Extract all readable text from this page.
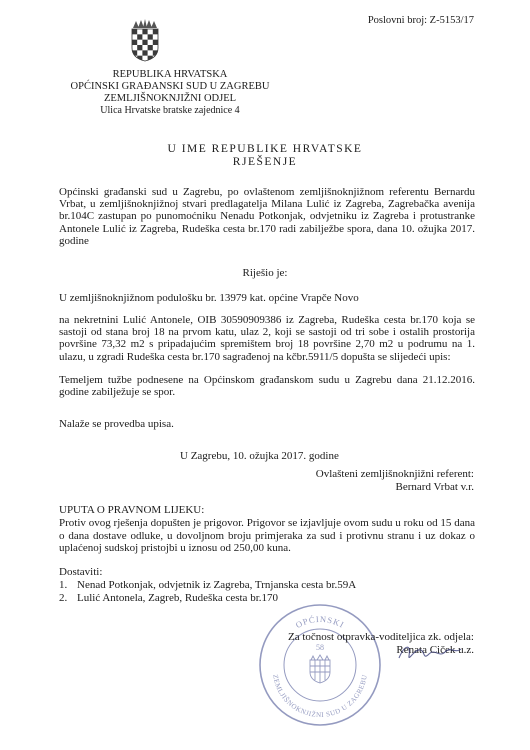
Poslovni broj: Z-5153/17
REPUBLIKA HRVATSKA
OPĆINSKI GRAĐANSKI SUD U ZAGREBU
ZEMLJIŠNOKNJIŽNI ODJEL
Ulica Hrvatske bratske zajednice 4
U IME REPUBLIKE HRVATSKE
RJEŠENJE
Općinski građanski sud u Zagrebu, po ovlaštenom zemljišnoknjižnom referentu Bernardu Vrbat, u zemljišnoknjižnoj stvari predlagatelja Milana Lulić iz Zagreba, Zagrebačka avenija br.104C zastupan po punomoćniku Nenadu Potkonjak, odvjetniku iz Zagreba i protustranke Antonele Lulić iz Zagreba, Rudeška cesta br.170 radi zabilježbe spora, dana 10. ožujka 2017. godine
Riješio je:
U zemljišnoknjižnom podulošku br. 13979 kat. općine Vrapče Novo
na nekretnini Lulić Antonele, OIB 30590909386 iz Zagreba, Rudeška cesta br.170 koja se sastoji od stana broj 18 na prvom katu, ulaz 2, koji se sastoji od tri sobe i ostalih prostorija površine 73,32 m2 s pripadajućim spremištem broj 18 površine 2,70 m2 u podrumu na 1. ulazu, u zgradi Rudeška cesta br.170 sagrađenoj na kčbr.5911/5 dopušta se slijedeći upis:
Temeljem tužbe podnesene na Općinskom građanskom sudu u Zagrebu dana 21.12.2016. godine zabilježuje se spor.
Nalaže se provedba upisa.
U Zagrebu, 10. ožujka 2017. godine
Ovlašteni zemljišnoknjižni referent:
Bernard Vrbat v.r.
UPUTA O PRAVNOM LIJEKU:
Protiv ovog rješenja dopušten je prigovor. Prigovor se izjavljuje ovom sudu u roku od 15 dana o dana dostave odluke, u dovoljnom broju primjeraka za sud i protivnu stranu i uz dokaz o uplaćenoj sudskoj pristojbi u iznosu od 250,00 kuna.
Dostaviti:
1. Nenad Potkonjak, odvjetnik iz Zagreba, Trnjanska cesta br.59A
2. Lulić Antonela, Zagreb, Rudeška cesta br.170
OPĆINSKI
ZEMLJIŠNOKNJIŽNI SUD U ZAGREBU
58
Za točnost otpravka-voditeljica zk. odjela:
Renata Ciček u.z.
